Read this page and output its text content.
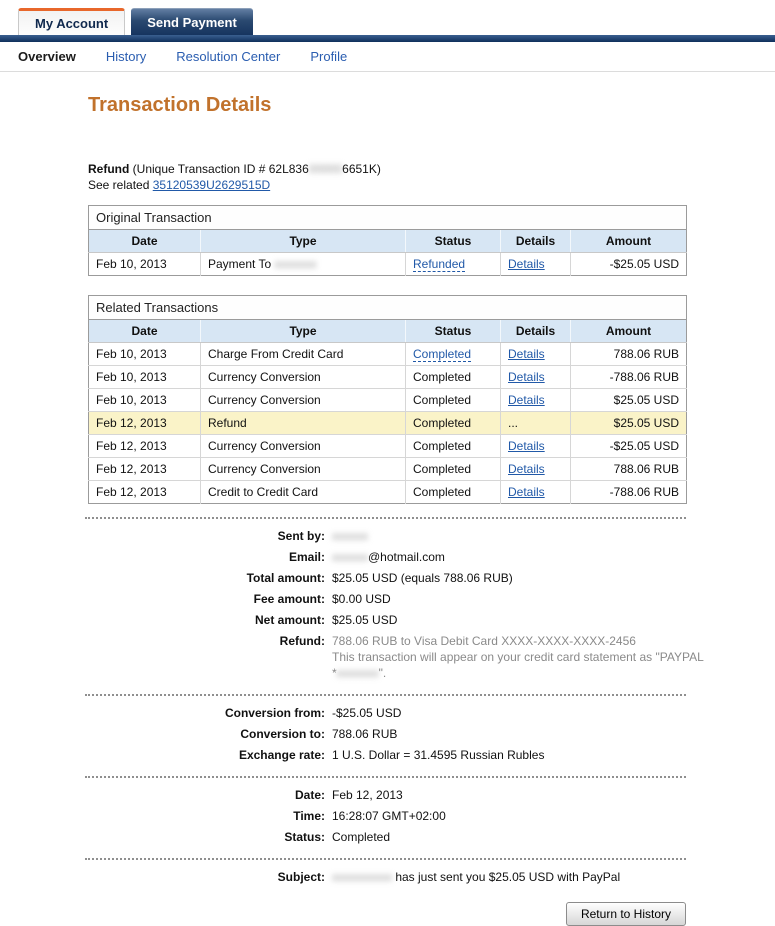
My Account	Send Payment
Overview History Resolution Center Profile
Transaction Details
Refund (Unique Transaction ID # 62L836000006651K)
See related 35120539U2629515D
Original Transaction				
Date	Type	Status	Details	Amount
Feb 10, 2013	Payment To xxxxxxx	Refunded	Details	-$25.05 USD
Related Transactions				
Date	Type	Status	Details	Amount
Feb 10, 2013	Charge From Credit Card	Completed	Details	788.06 RUB
Feb 10, 2013	Currency Conversion	Completed	Details	-788.06 RUB
Feb 10, 2013	Currency Conversion	Completed	Details	$25.05 USD
Feb 12, 2013	Refund	Completed	...	$25.05 USD
Feb 12, 2013	Currency Conversion	Completed	Details	-$25.05 USD
Feb 12, 2013	Currency Conversion	Completed	Details	788.06 RUB
Feb 12, 2013	Credit to Credit Card	Completed	Details	-788.06 RUB
Sent by: xxxxxx
Email: xxxxxx@hotmail.com
Total amount: $25.05 USD (equals 788.06 RUB)
Fee amount: $0.00 USD
Net amount: $25.05 USD
Refund: 788.06 RUB to Visa Debit Card XXXX-XXXX-XXXX-2456
This transaction will appear on your credit card statement as "PAYPAL
*xxxxxxx".
Conversion from: -$25.05 USD
Conversion to: 788.06 RUB
Exchange rate: 1 U.S. Dollar = 31.4595 Russian Rubles
Date: Feb 12, 2013
Time: 16:28:07 GMT+02:00
Status: Completed
Subject: xxxxxxxxxx has just sent you $25.05 USD with PayPal
Return to History
